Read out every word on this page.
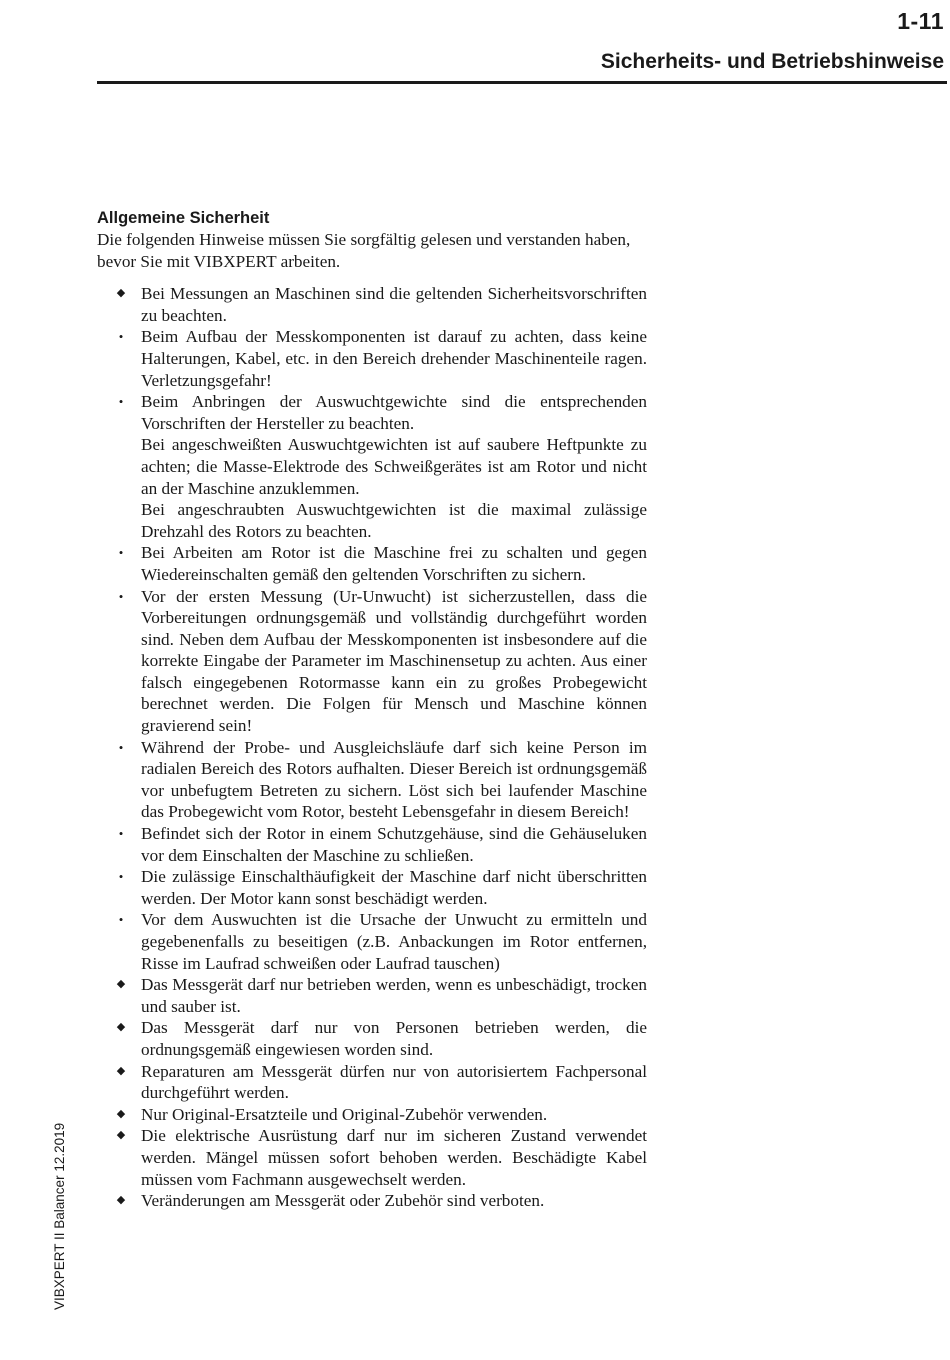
1-11
Sicherheits- und Betriebshinweise
Allgemeine Sicherheit

Die folgenden Hinweise müssen Sie sorgfältig gelesen und verstanden haben, bevor Sie mit VIBXPERT arbeiten.

◆ Bei Messungen an Maschinen sind die geltenden Sicherheitsvorschriften zu beachten.
• Beim Aufbau der Messkomponenten ist darauf zu achten, dass keine Halterungen, Kabel, etc. in den Bereich drehender Maschinenteile ragen. Verletzungsgefahr!
• Beim Anbringen der Auswuchtgewichte sind die entsprechenden Vorschriften der Hersteller zu beachten.
Bei angeschweißten Auswuchtgewichten ist auf saubere Heftpunkte zu achten; die Masse-Elektrode des Schweißgerätes ist am Rotor und nicht an der Maschine anzuklemmen.
Bei angeschraubten Auswuchtgewichten ist die maximal zulässige Drehzahl des Rotors zu beachten.
• Bei Arbeiten am Rotor ist die Maschine frei zu schalten und gegen Wiedereinschalten gemäß den geltenden Vorschriften zu sichern.
• Vor der ersten Messung (Ur-Unwucht) ist sicherzustellen, dass die Vorbereitungen ordnungsgemäß und vollständig durchgeführt worden sind. Neben dem Aufbau der Messkomponenten ist insbesondere auf die korrekte Eingabe der Parameter im Maschinensetup zu achten. Aus einer falsch eingegebenen Rotormasse kann ein zu großes Probegewicht berechnet werden. Die Folgen für Mensch und Maschine können gravierend sein!
• Während der Probe- und Ausgleichsläufe darf sich keine Person im radialen Bereich des Rotors aufhalten. Dieser Bereich ist ordnungsgemäß vor unbefugtem Betreten zu sichern. Löst sich bei laufender Maschine das Probegewicht vom Rotor, besteht Lebensgefahr in diesem Bereich!
• Befindet sich der Rotor in einem Schutzgehäuse, sind die Gehäuseluken vor dem Einschalten der Maschine zu schließen.
• Die zulässige Einschalthäufigkeit der Maschine darf nicht überschritten werden. Der Motor kann sonst beschädigt werden.
• Vor dem Auswuchten ist die Ursache der Unwucht zu ermitteln und gegebenenfalls zu beseitigen (z.B. Anbackungen im Rotor entfernen, Risse im Laufrad schweißen oder Laufrad tauschen)
◆ Das Messgerät darf nur betrieben werden, wenn es unbeschädigt, trocken und sauber ist.
◆ Das Messgerät darf nur von Personen betrieben werden, die ordnungsgemäß eingewiesen worden sind.
◆ Reparaturen am Messgerät dürfen nur von autorisiertem Fachpersonal durchgeführt werden.
◆ Nur Original-Ersatzteile und Original-Zubehör verwenden.
◆ Die elektrische Ausrüstung darf nur im sicheren Zustand verwendet werden. Mängel müssen sofort behoben werden. Beschädigte Kabel müssen vom Fachmann ausgewechselt werden.
◆ Veränderungen am Messgerät oder Zubehör sind verboten.
VIBXPERT II Balancer 12.2019
